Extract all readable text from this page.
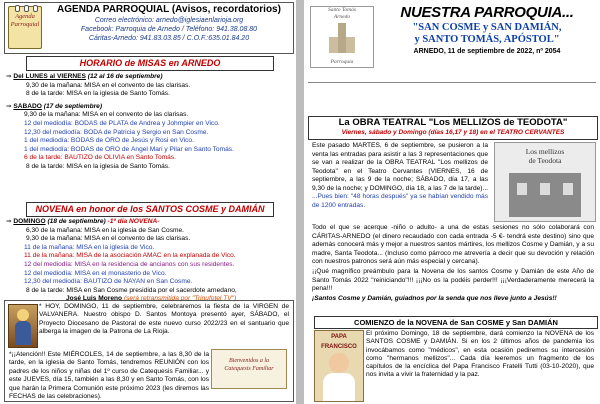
Agenda
Parroquial
AGENDA PARROQUIAL (Avisos, recordatorios)
Correo electrónico: arnedo@iglesiaenlarioja.org
Facebook: Parroquia de Arnedo / Teléfono: 941.38.08.80
Cáritas-Arnedo: 941.83.03.85 / C.O.F.:635.01.84.20
HORARIO de MISAS en ARNEDO
⇒ Del LUNES al VIERNES (12 al 16 de septiembre)
9,30 de la mañana: MISA en el convento de las clarisas.
8 de la tarde: MISA en la iglesia de Santo Tomás.
⇒ SÁBADO (17 de septiembre)
9,30 de la mañana: MISA en el convento de las clarisas.
12 del mediodía: BODAS de PLATA de Andrea y Johmpier en Vico.
12,30 del mediodía: BODA de Patricia y Sergio en San Cosme.
1 del mediodía: BODAS de ORO de Jesús y Rosi en Vico.
1 del mediodía: BODAS de ORO de Ángel Mari y Pilar en Santo Tomás.
6 de la tarde: BAUTIZO de OLIVIA en Santo Tomás.
8 de la tarde: MISA en la iglesia de Santo Tomás.
NOVENA en honor de los SANTOS COSME y DAMIÁN
⇒ DOMINGO (18 de septiembre) -1º día NOVENA-
6,30 de la mañana: MISA en la iglesia de San Cosme.
9,30 de la mañana: MISA en el convento de las clarisas.
11 de la mañana: MISA en la iglesia de Vico.
11 de la mañana: MISA de la asociación AMAC en la explanada de Vico.
12 del mediodía: MISA en la residencia de ancianos con sus residentes.
12 del mediodía: MISA en el monasterio de Vico.
12,30 del mediodía: BAUTIZO de NAYAN en San Cosme.
8 de la tarde: MISA en San Cosme presidida por el sacerdote arnedano,
José Luis Moreno (será retransmitida por "Trinufotel TV")
* HOY, DOMINGO, 11 de septiembre, celebraremos la fiesta de la VIRGEN de VALVANERA. Nuestro obispo D. Santos Montoya presentó ayer, SÁBADO, el Proyecto Diocesano de Pastoral de este nuevo curso 2022/23 en el santuario que alberga la imagen de la Patrona de La Rioja.
*¡¡Atención!! Este MIÉRCOLES, 14 de septiembre, a las 8,30 de la tarde, en la iglesia de Santo Tomás, tendremos REUNIÓN con los padres de los niños y niñas del 1º curso de Catequesis Familiar... y este JUEVES, día 15, también a las 8,30 y en Santo Tomás, con los que harán la Primera Comunión este próximo 2023 (les diremos las FECHAS de las celebraciones).
Bienvenidos a la
Catequesis Familiar
Santo Tomás
Arnedo
Parroquia
NUESTRA PARROQUIA...
"SAN COSME y SAN DAMIÁN,
y SANTO TOMÁS, APÓSTOL"
ARNEDO, 11 de septiembre de 2022, nº 2054
La OBRA TEATRAL "Los MELLIZOS de TEODOTA"
Viernes, sábado y Domingo (días 16,17 y 18) en el TEATRO CERVANTES
Este pasado MARTES, 6 de septiembre, se pusieron a la venta las entradas para asistir a las 3 representaciones que se van a realizar de la OBRA TEATRAL "Los mellizos de Teodota" en el Teatro Cervantes (VIERNES, 16 de septiembre, a las 9 de la noche; SÁBADO, día 17, a las 9,30 de la noche; y DOMINGO, día 18, a las 7 de la tarde)... ...Pues bien: "48 horas después" ya se habían vendido más de 1200 entradas.
Los mellizos
de Teodota
Todo el que se acerque -niño o adulto- a una de estas sesiones no sólo colaborará con CÁRITAS-ARNEDO (el dinero recaudado con cada entrada -5 €- tendrá este destino) sino que además conocerá más y mejor a nuestros santos mártires, los mellizos Cosme y Damián, y a su madre, Santa Teodota... (Incluso como párroco me atrevería a decir que su devoción y relación con nuestros patronos será aún más especial y cercana).
¡¡Qué magnífico preámbulo para la Novena de los santos Cosme y Damián de este Año de Santo Tomás 2022 "reiniciando"!!! ¡¡¡No os la podéis perder!!! ¡¡¡Verdaderamente merecerá la pena!!!
¡Santos Cosme y Damián, guiadnos por la senda que nos lleve junto a Jesús!!
COMIENZO de la NOVENA de San COSME y San DAMIÁN
PAPA
FRANCISCO
El próximo Domingo, 18 de septiembre, dará comienzo la NOVENA de los SANTOS COSME y DAMIÁN. Si en los 2 últimos años de pandemia los invocábamos como "médicos", en esta ocasión pediremos su intercesión como "hermanos mellizos"... Cada día leeremos un fragmento de los capítulos de la encíclica del Papa Francisco Fratelli Tutti (03-10-2020), que nos invita a vivir la fraternidad y la paz.
